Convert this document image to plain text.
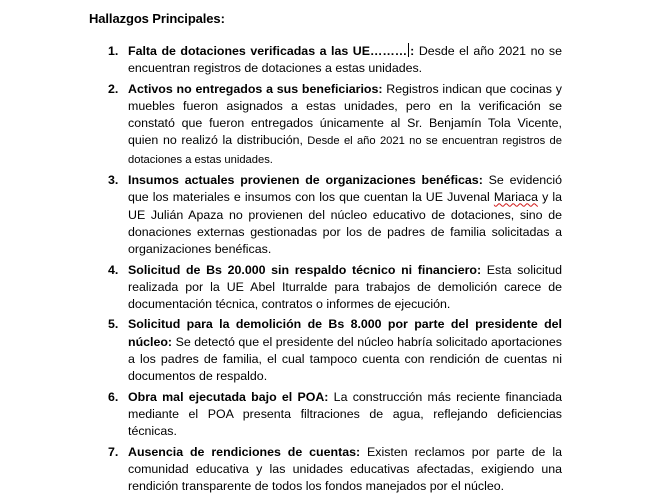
Hallazgos Principales:
1. Falta de dotaciones verificadas a las UE……… : Desde el año 2021 no se encuentran registros de dotaciones a estas unidades.
2. Activos no entregados a sus beneficiarios: Registros indican que cocinas y muebles fueron asignados a estas unidades, pero en la verificación se constató que fueron entregados únicamente al Sr. Benjamín Tola Vicente, quien no realizó la distribución, Desde el año 2021 no se encuentran registros de dotaciones a estas unidades.
3. Insumos actuales provienen de organizaciones benéficas: Se evidenció que los materiales e insumos con los que cuentan la UE Juvenal Mariaca y la UE Julián Apaza no provienen del núcleo educativo de dotaciones, sino de donaciones externas gestionadas por los de padres de familia solicitadas a organizaciones benéficas.
4. Solicitud de Bs 20.000 sin respaldo técnico ni financiero: Esta solicitud realizada por la UE Abel Iturralde para trabajos de demolición carece de documentación técnica, contratos o informes de ejecución.
5. Solicitud para la demolición de Bs 8.000 por parte del presidente del núcleo: Se detectó que el presidente del núcleo habría solicitado aportaciones a los padres de familia, el cual tampoco cuenta con rendición de cuentas ni documentos de respaldo.
6. Obra mal ejecutada bajo el POA: La construcción más reciente financiada mediante el POA presenta filtraciones de agua, reflejando deficiencias técnicas.
7. Ausencia de rendiciones de cuentas: Existen reclamos por parte de la comunidad educativa y las unidades educativas afectadas, exigiendo una rendición transparente de todos los fondos manejados por el núcleo.
